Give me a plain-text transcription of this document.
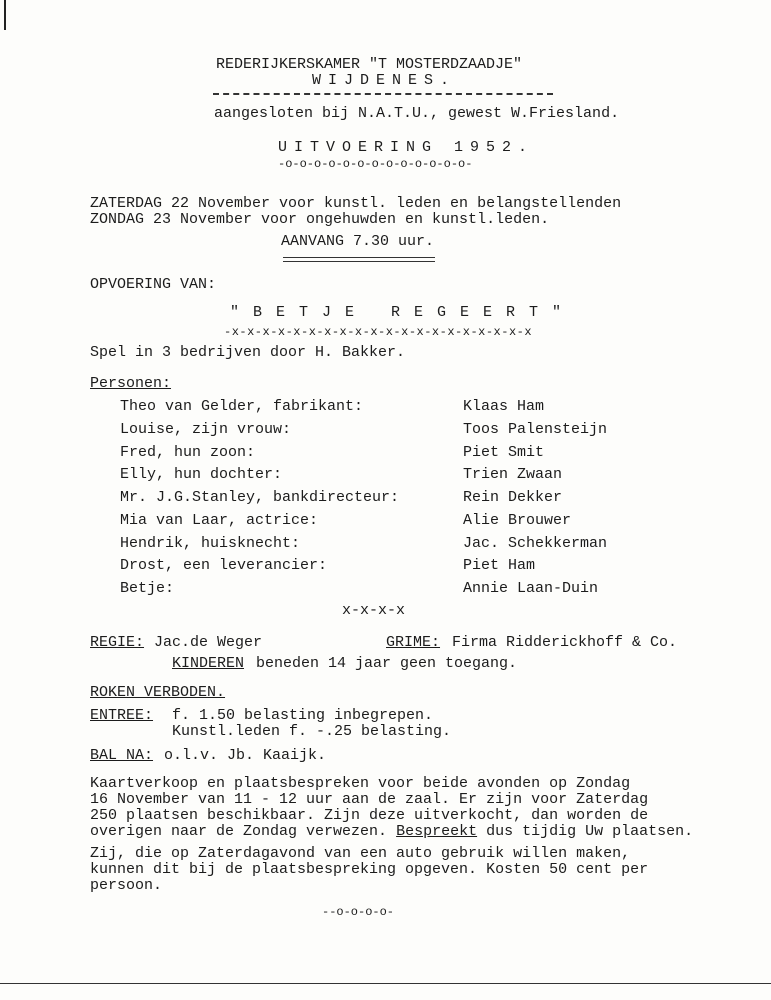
REDERIJKERSKAMER "T MOSTERDZAADJE"
WIJDENES.
aangesloten bij N.A.T.U., gewest W.Friesland.
UITVOERING 1952.
-o-o-o-o-o-o-o-o-o-o-o-o-o-
ZATERDAG 22 November voor kunstl. leden en belangstellenden
ZONDAG 23 November voor ongehuwden en kunstl.leden.
AANVANG 7.30 uur.
OPVOERING VAN:
"BETJE REGEERT"
-x-x-x-x-x-x-x-x-x-x-x-x-x-x-x-x-x-x-x-x
Spel in 3 bedrijven door H. Bakker.
Personen:
Theo van Gelder, fabrikant:	Klaas Ham
Louise, zijn vrouw:	Toos Palensteijn
Fred, hun zoon:	Piet Smit
Elly, hun dochter:	Trien Zwaan
Mr. J.G.Stanley, bankdirecteur:	Rein Dekker
Mia van Laar, actrice:	Alie Brouwer
Hendrik, huisknecht:	Jac. Schekkerman
Drost, een leverancier:	Piet Ham
Betje:	Annie Laan-Duin
x-x-x-x
REGIE: Jac.de Weger	GRIME: Firma Ridderickhoff & Co.
KINDEREN beneden 14 jaar geen toegang.
ROKEN VERBODEN.
ENTREE: f. 1.50 belasting inbegrepen.
Kunstl.leden f. -.25 belasting.
BAL NA: o.l.v. Jb. Kaaijk.
Kaartverkoop en plaatsbespreken voor beide avonden op Zondag
16 November van 11 - 12 uur aan de zaal. Er zijn voor Zaterdag
250 plaatsen beschikbaar. Zijn deze uitverkocht, dan worden de
overigen naar de Zondag verwezen. Bespreekt dus tijdig Uw plaatsen.
Zij, die op Zaterdagavond van een auto gebruik willen maken,
kunnen dit bij de plaatsbespreking opgeven. Kosten 50 cent per
persoon.
--o-o-o-o-
